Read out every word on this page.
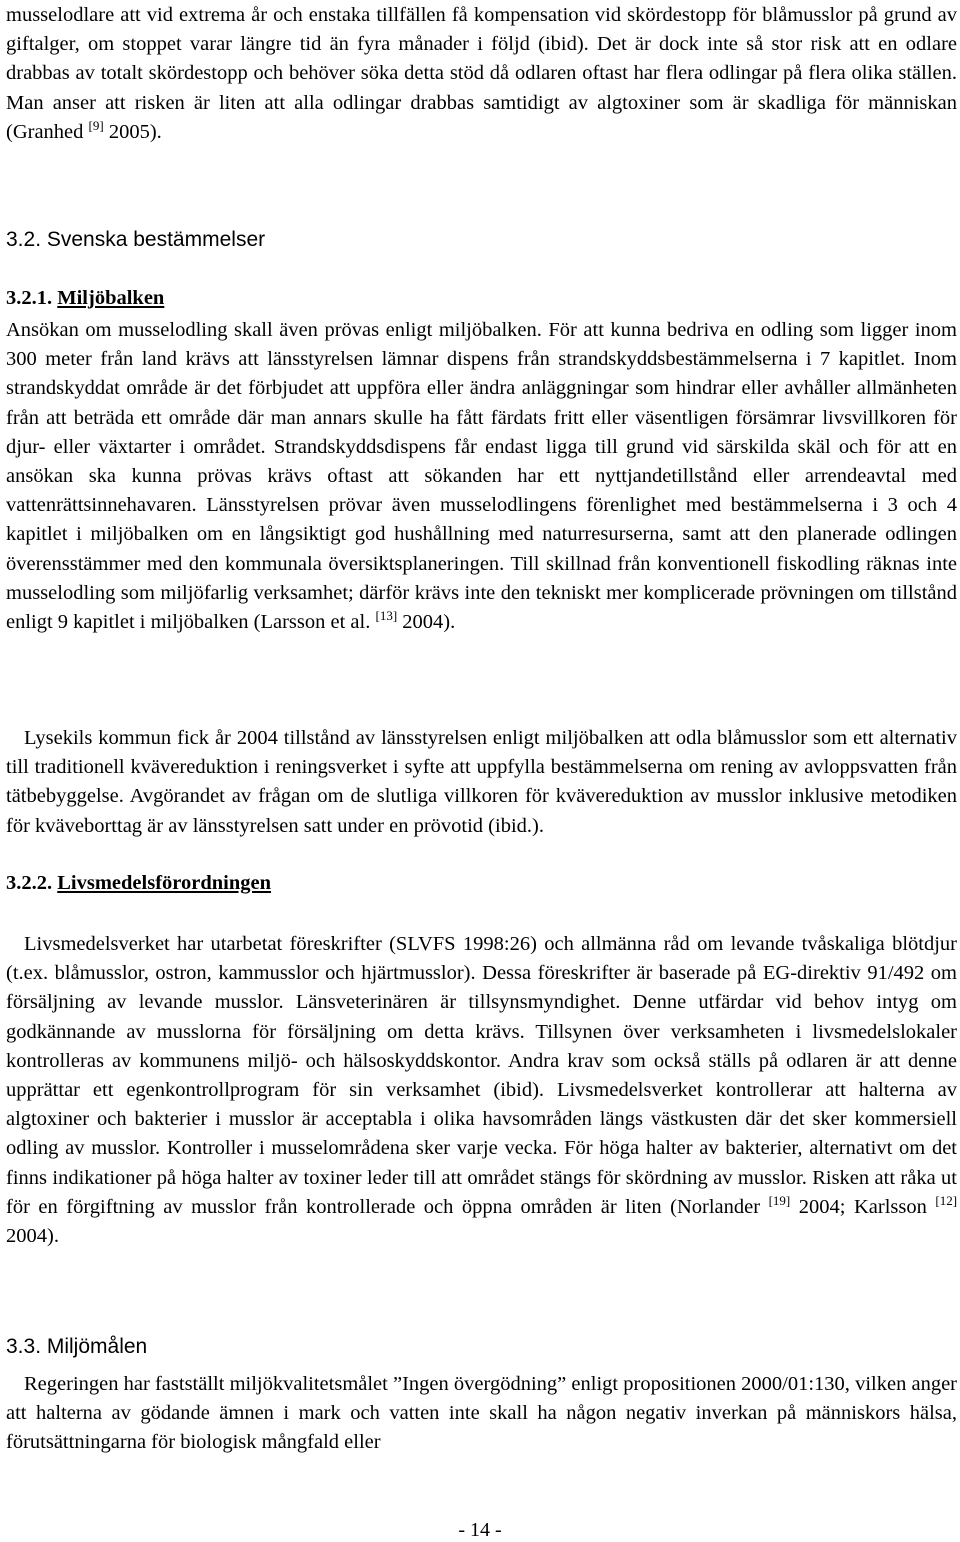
musselodlare att vid extrema år och enstaka tillfällen få kompensation vid skördestopp för blåmusslor på grund av giftalger, om stoppet varar längre tid än fyra månader i följd (ibid). Det är dock inte så stor risk att en odlare drabbas av totalt skördestopp och behöver söka detta stöd då odlaren oftast har flera odlingar på flera olika ställen. Man anser att risken är liten att alla odlingar drabbas samtidigt av algtoxiner som är skadliga för människan (Granhed [9] 2005).

3.2. Svenska bestämmelser
3.2.1. Miljöbalken

Ansökan om musselodling skall även prövas enligt miljöbalken. För att kunna bedriva en odling som ligger inom 300 meter från land krävs att länsstyrelsen lämnar dispens från strandskyddsbestämmelserna i 7 kapitlet. Inom strandskyddat område är det förbjudet att uppföra eller ändra anläggningar som hindrar eller avhåller allmänheten från att beträda ett område där man annars skulle ha fått färdats fritt eller väsentligen försämrar livsvillkoren för djur- eller växtarter i området. Strandskyddsdispens får endast ligga till grund vid särskilda skäl och för att en ansökan ska kunna prövas krävs oftast att sökanden har ett nyttjandetillstånd eller arrendeavtal med vattenrättsinnehavaren. Länsstyrelsen prövar även musselodlingens förenlighet med bestämmelserna i 3 och 4 kapitlet i miljöbalken om en långsiktigt god hushållning med naturresurserna, samt att den planerade odlingen överensstämmer med den kommunala översiktsplaneringen. Till skillnad från konventionell fiskodling räknas inte musselodling som miljöfarlig verksamhet; därför krävs inte den tekniskt mer komplicerade prövningen om tillstånd enligt 9 kapitlet i miljöbalken (Larsson et al. [13] 2004).

Lysekils kommun fick år 2004 tillstånd av länsstyrelsen enligt miljöbalken att odla blåmusslor som ett alternativ till traditionell kvävereduktion i reningsverket i syfte att uppfylla bestämmelserna om rening av avloppsvatten från tätbebyggelse. Avgörandet av frågan om de slutliga villkoren för kvävereduktion av musslor inklusive metodiken för kväveborttag är av länsstyrelsen satt under en prövotid (ibid.).

3.2.2. Livsmedelsförordningen

Livsmedelsverket har utarbetat föreskrifter (SLVFS 1998:26) och allmänna råd om levande tvåskaliga blötdjur (t.ex. blåmusslor, ostron, kammusslor och hjärtmusslor). Dessa föreskrifter är baserade på EG-direktiv 91/492 om försäljning av levande musslor. Länsveterinären är tillsynsmyndighet. Denne utfärdar vid behov intyg om godkännande av musslorna för försäljning om detta krävs. Tillsynen över verksamheten i livsmedelslokaler kontrolleras av kommunens miljö- och hälsoskyddskontor. Andra krav som också ställs på odlaren är att denne upprättar ett egenkontrollprogram för sin verksamhet (ibid). Livsmedelsverket kontrollerar att halterna av algtoxiner och bakterier i musslor är acceptabla i olika havsområden längs västkusten där det sker kommersiell odling av musslor. Kontroller i musselområdena sker varje vecka. För höga halter av bakterier, alternativt om det finns indikationer på höga halter av toxiner leder till att området stängs för skördning av musslor. Risken att råka ut för en förgiftning av musslor från kontrollerade och öppna områden är liten (Norlander [19] 2004; Karlsson [12] 2004).

3.3. Miljömålen

Regeringen har fastställt miljökvalitetsmålet ”Ingen övergödning” enligt propositionen 2000/01:130, vilken anger att halterna av gödande ämnen i mark och vatten inte skall ha någon negativ inverkan på människors hälsa, förutsättningarna för biologisk mångfald eller

- 14 -
